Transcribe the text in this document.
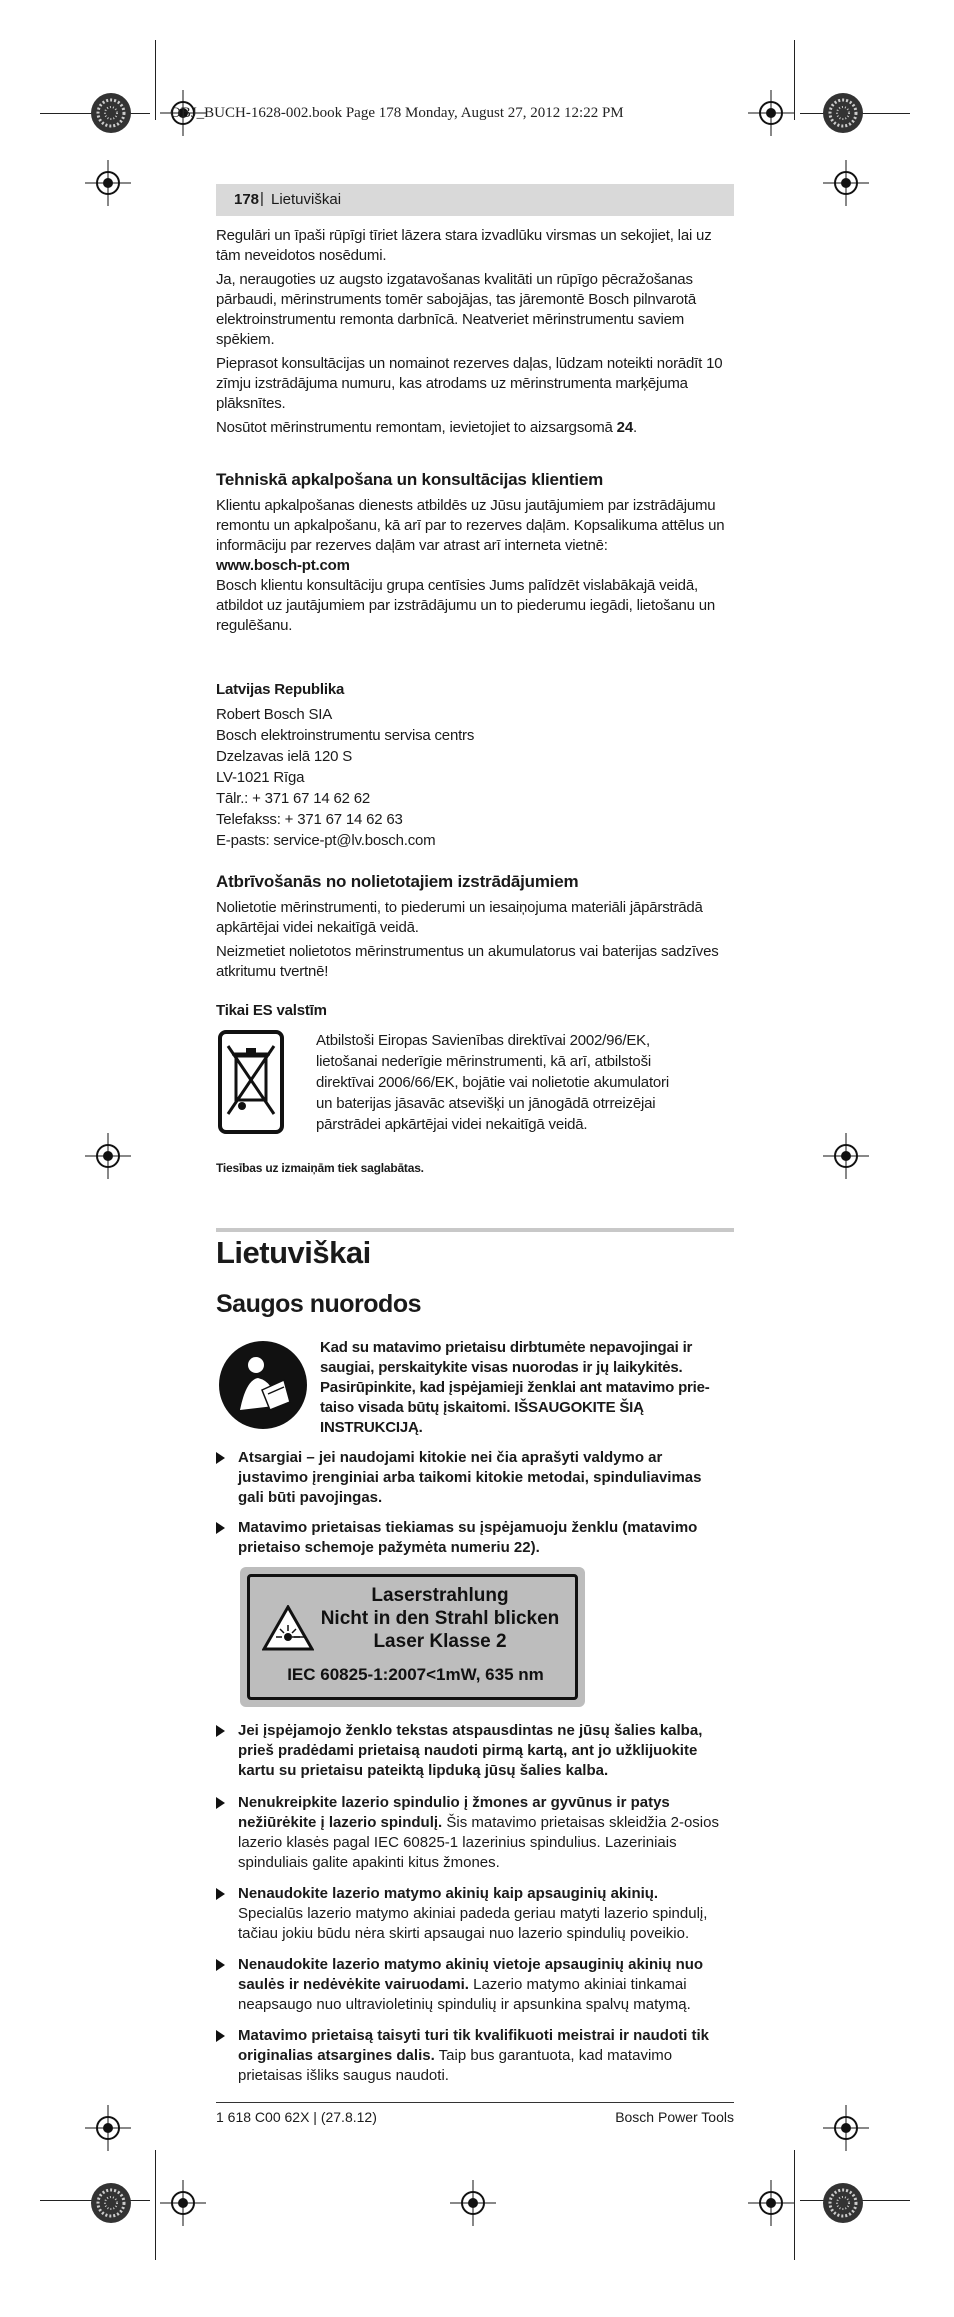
OBJ_BUCH-1628-002.book Page 178 Monday, August 27, 2012 12:22 PM
178 | Lietuviškai

Regulāri un īpaši rūpīgi tīriet lāzera stara izvadlūku virsmas un sekojiet, lai uz tām neveidotos nosēdumi.

Ja, neraugoties uz augsto izgatavošanas kvalitāti un rūpīgo pēcražošanas pārbaudi, mērinstruments tomēr sabojājas, tas jāremontē Bosch pilnvarotā elektroinstrumentu remonta darbnīcā. Neatveriet mērinstrumentu saviem spēkiem.

Pieprasot konsultācijas un nomainot rezerves daļas, lūdzam noteikti norādīt 10 zīmju izstrādājuma numuru, kas atrodams uz mērinstrumenta marķējuma plāksnītes.

Nosūtot mērinstrumentu remontam, ievietojiet to aizsargsomā 24.

Tehniskā apkalpošana un konsultācijas klientiem

Klientu apkalpošanas dienests atbildēs uz Jūsu jautājumiem par izstrādājumu remontu un apkalpošanu, kā arī par to rezerves daļām. Kopsalikuma attēlus un informāciju par rezerves daļām var atrast arī interneta vietnē:

www.bosch-pt.com

Bosch klientu konsultāciju grupa centīsies Jums palīdzēt vislabākajā veidā, atbildot uz jautājumiem par izstrādājumu un to piederumu iegādi, lietošanu un regulēšanu.

Latvijas Republika

Robert Bosch SIA

Bosch elektroinstrumentu servisa centrs

Dzelzavas ielā 120 S

LV-1021 Rīga

Tālr.: + 371 67 14 62 62

Telefakss: + 371 67 14 62 63

E-pasts: service-pt@lv.bosch.com

Atbrīvošanās no nolietotajiem izstrādājumiem

Nolietotie mērinstrumenti, to piederumi un iesaiņojuma materiāli jāpārstrādā apkārtējai videi nekaitīgā veidā.

Neizmetiet nolietotos mērinstrumentus un akumulatorus vai baterijas sadzīves atkritumu tvertnē!

Tikai ES valstīm

Atbilstoši Eiropas Savienības direktīvai 2002/96/EK,

lietošanai nederīgie mērinstrumenti, kā arī, atbilstoši

direktīvai 2006/66/EK, bojātie vai nolietotie akumulatori

un baterijas jāsavāc atsevišķi un jānogādā otrreizējai

pārstrādei apkārtējai videi nekaitīgā veidā.

Tiesības uz izmaiņām tiek saglabātas.
Lietuviškai
Saugos nuorodos

Kad su matavimo prietaisu dirbtumėte nepavojingai ir

saugiai, perskaitykite visas nuorodas ir jų laikykitės.

Pasirūpinkite, kad įspėjamieji ženklai ant matavimo prie-

taiso visada būtų įskaitomi. IŠSAUGOKITE ŠIĄ

INSTRUKCIJĄ.

Atsargiai – jei naudojami kitokie nei čia aprašyti valdymo ar

justavimo įrenginiai arba taikomi kitokie metodai, spinduliavimas

gali būti pavojingas.

Matavimo prietaisas tiekiamas su įspėjamuoju ženklu (matavimo

prietaiso schemoje pažymėta numeriu 22).

Laserstrahlung
Nicht in den Strahl blicken
Laser Klasse 2
IEC 60825-1:2007<1mW, 635 nm

Jei įspėjamojo ženklo tekstas atspausdintas ne jūsų šalies kalba,

prieš pradėdami prietaisą naudoti pirmą kartą, ant jo užklijuokite

kartu su prietaisu pateiktą lipduką jūsų šalies kalba.

Nenukreipkite lazerio spindulio į žmones ar gyvūnus ir patys

nežiūrėkite į lazerio spindulį. Šis matavimo prietaisas skleidžia 2-osios

lazerio klasės pagal IEC 60825-1 lazerinius spindulius. Lazeriniais

spinduliais galite apakinti kitus žmones.

Nenaudokite lazerio matymo akinių kaip apsauginių akinių.

Specialūs lazerio matymo akiniai padeda geriau matyti lazerio spindulį,

tačiau jokiu būdu nėra skirti apsaugai nuo lazerio spindulių poveikio.

Nenaudokite lazerio matymo akinių vietoje apsauginių akinių nuo

saulės ir nedėvėkite vairuodami. Lazerio matymo akiniai tinkamai

neapsaugo nuo ultravioletinių spindulių ir apsunkina spalvų matymą.

Matavimo prietaisą taisyti turi tik kvalifikuoti meistrai ir naudoti tik

originalias atsargines dalis. Taip bus garantuota, kad matavimo

prietaisas išliks saugus naudoti.

1 618 C00 62X | (27.8.12)	Bosch Power Tools
